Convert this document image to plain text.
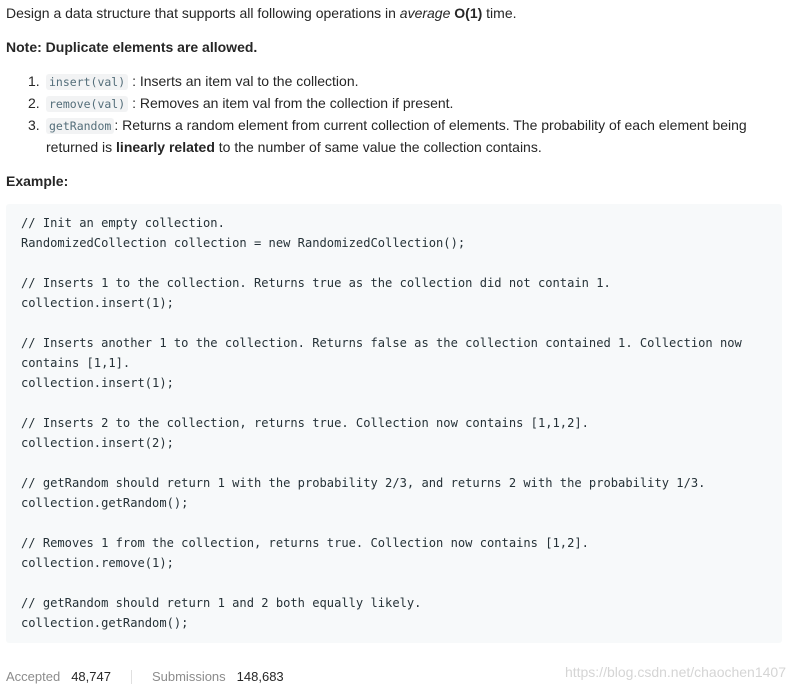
Design a data structure that supports all following operations in average O(1) time.

Note: Duplicate elements are allowed.

1. insert(val) : Inserts an item val to the collection.
2. remove(val) : Removes an item val from the collection if present.
3. getRandom : Returns a random element from current collection of elements. The probability of each element being returned is linearly related to the number of same value the collection contains.

Example:

// Init an empty collection.
RandomizedCollection collection = new RandomizedCollection();
// Inserts 1 to the collection. Returns true as the collection did not contain 1.
collection.insert(1);
// Inserts another 1 to the collection. Returns false as the collection contained 1. Collection now
contains [1,1].
collection.insert(1);
// Inserts 2 to the collection, returns true. Collection now contains [1,1,2].
collection.insert(2);
// getRandom should return 1 with the probability 2/3, and returns 2 with the probability 1/3.
collection.getRandom();
// Removes 1 from the collection, returns true. Collection now contains [1,2].
collection.remove(1);
// getRandom should return 1 and 2 both equally likely.
collection.getRandom();
Accepted 48,747	Submissions 148,683	https://blog.csdn.net/chaochen1407
